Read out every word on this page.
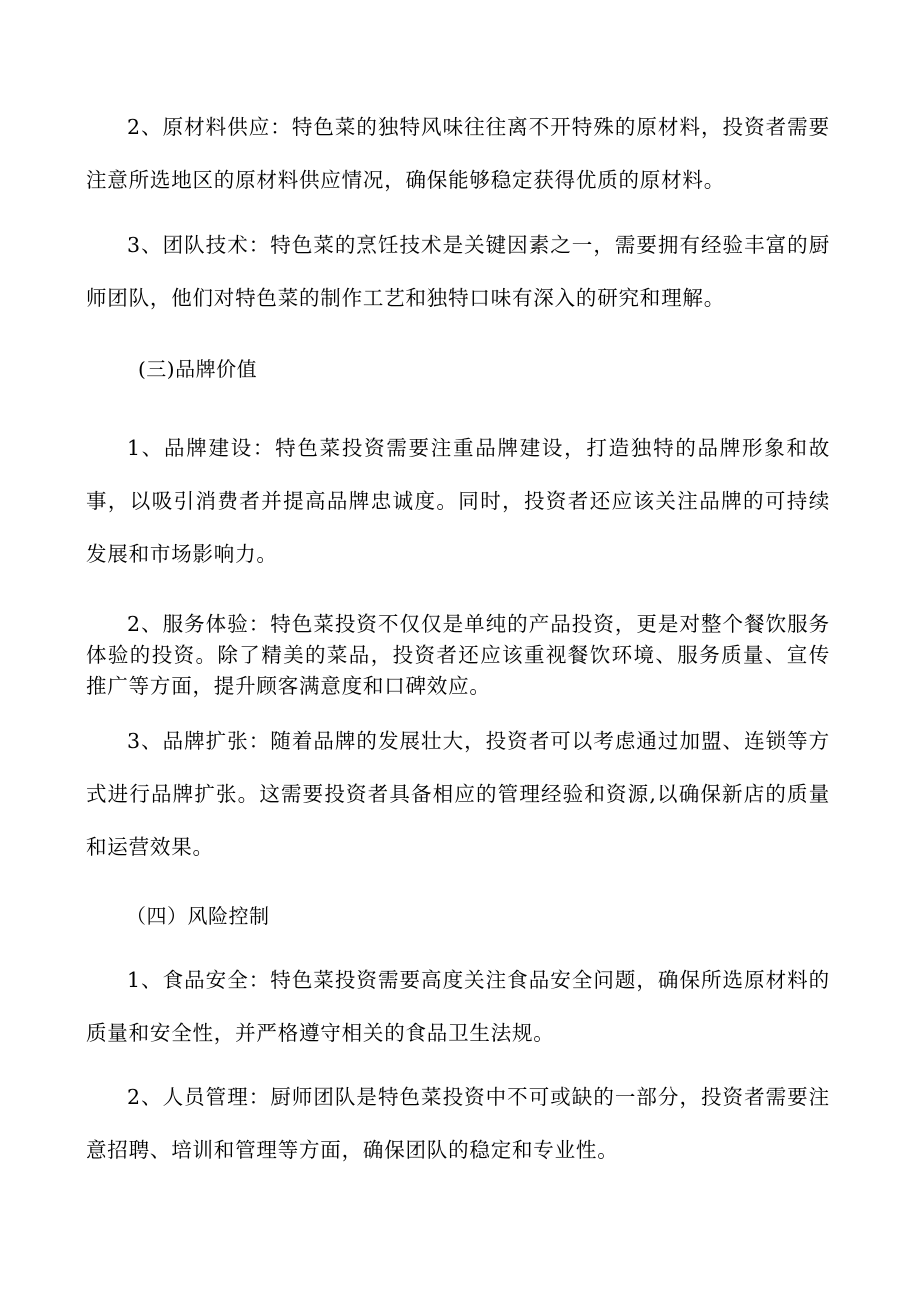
2、原材料供应：特色菜的独特风味往往离不开特殊的原材料，投资者需要注意所选地区的原材料供应情况，确保能够稳定获得优质的原材料。

3、团队技术：特色菜的烹饪技术是关键因素之一，需要拥有经验丰富的厨师团队，他们对特色菜的制作工艺和独特口味有深入的研究和理解。

(三)品牌价值

1、品牌建设：特色菜投资需要注重品牌建设，打造独特的品牌形象和故事，以吸引消费者并提高品牌忠诚度。同时，投资者还应该关注品牌的可持续发展和市场影响力。

2、服务体验：特色菜投资不仅仅是单纯的产品投资，更是对整个餐饮服务体验的投资。除了精美的菜品，投资者还应该重视餐饮环境、服务质量、宣传推广等方面，提升顾客满意度和口碑效应。

3、品牌扩张：随着品牌的发展壮大，投资者可以考虑通过加盟、连锁等方式进行品牌扩张。这需要投资者具备相应的管理经验和资源,以确保新店的质量和运营效果。

（四）风险控制

1、食品安全：特色菜投资需要高度关注食品安全问题，确保所选原材料的质量和安全性，并严格遵守相关的食品卫生法规。

2、人员管理：厨师团队是特色菜投资中不可或缺的一部分，投资者需要注意招聘、培训和管理等方面，确保团队的稳定和专业性。
